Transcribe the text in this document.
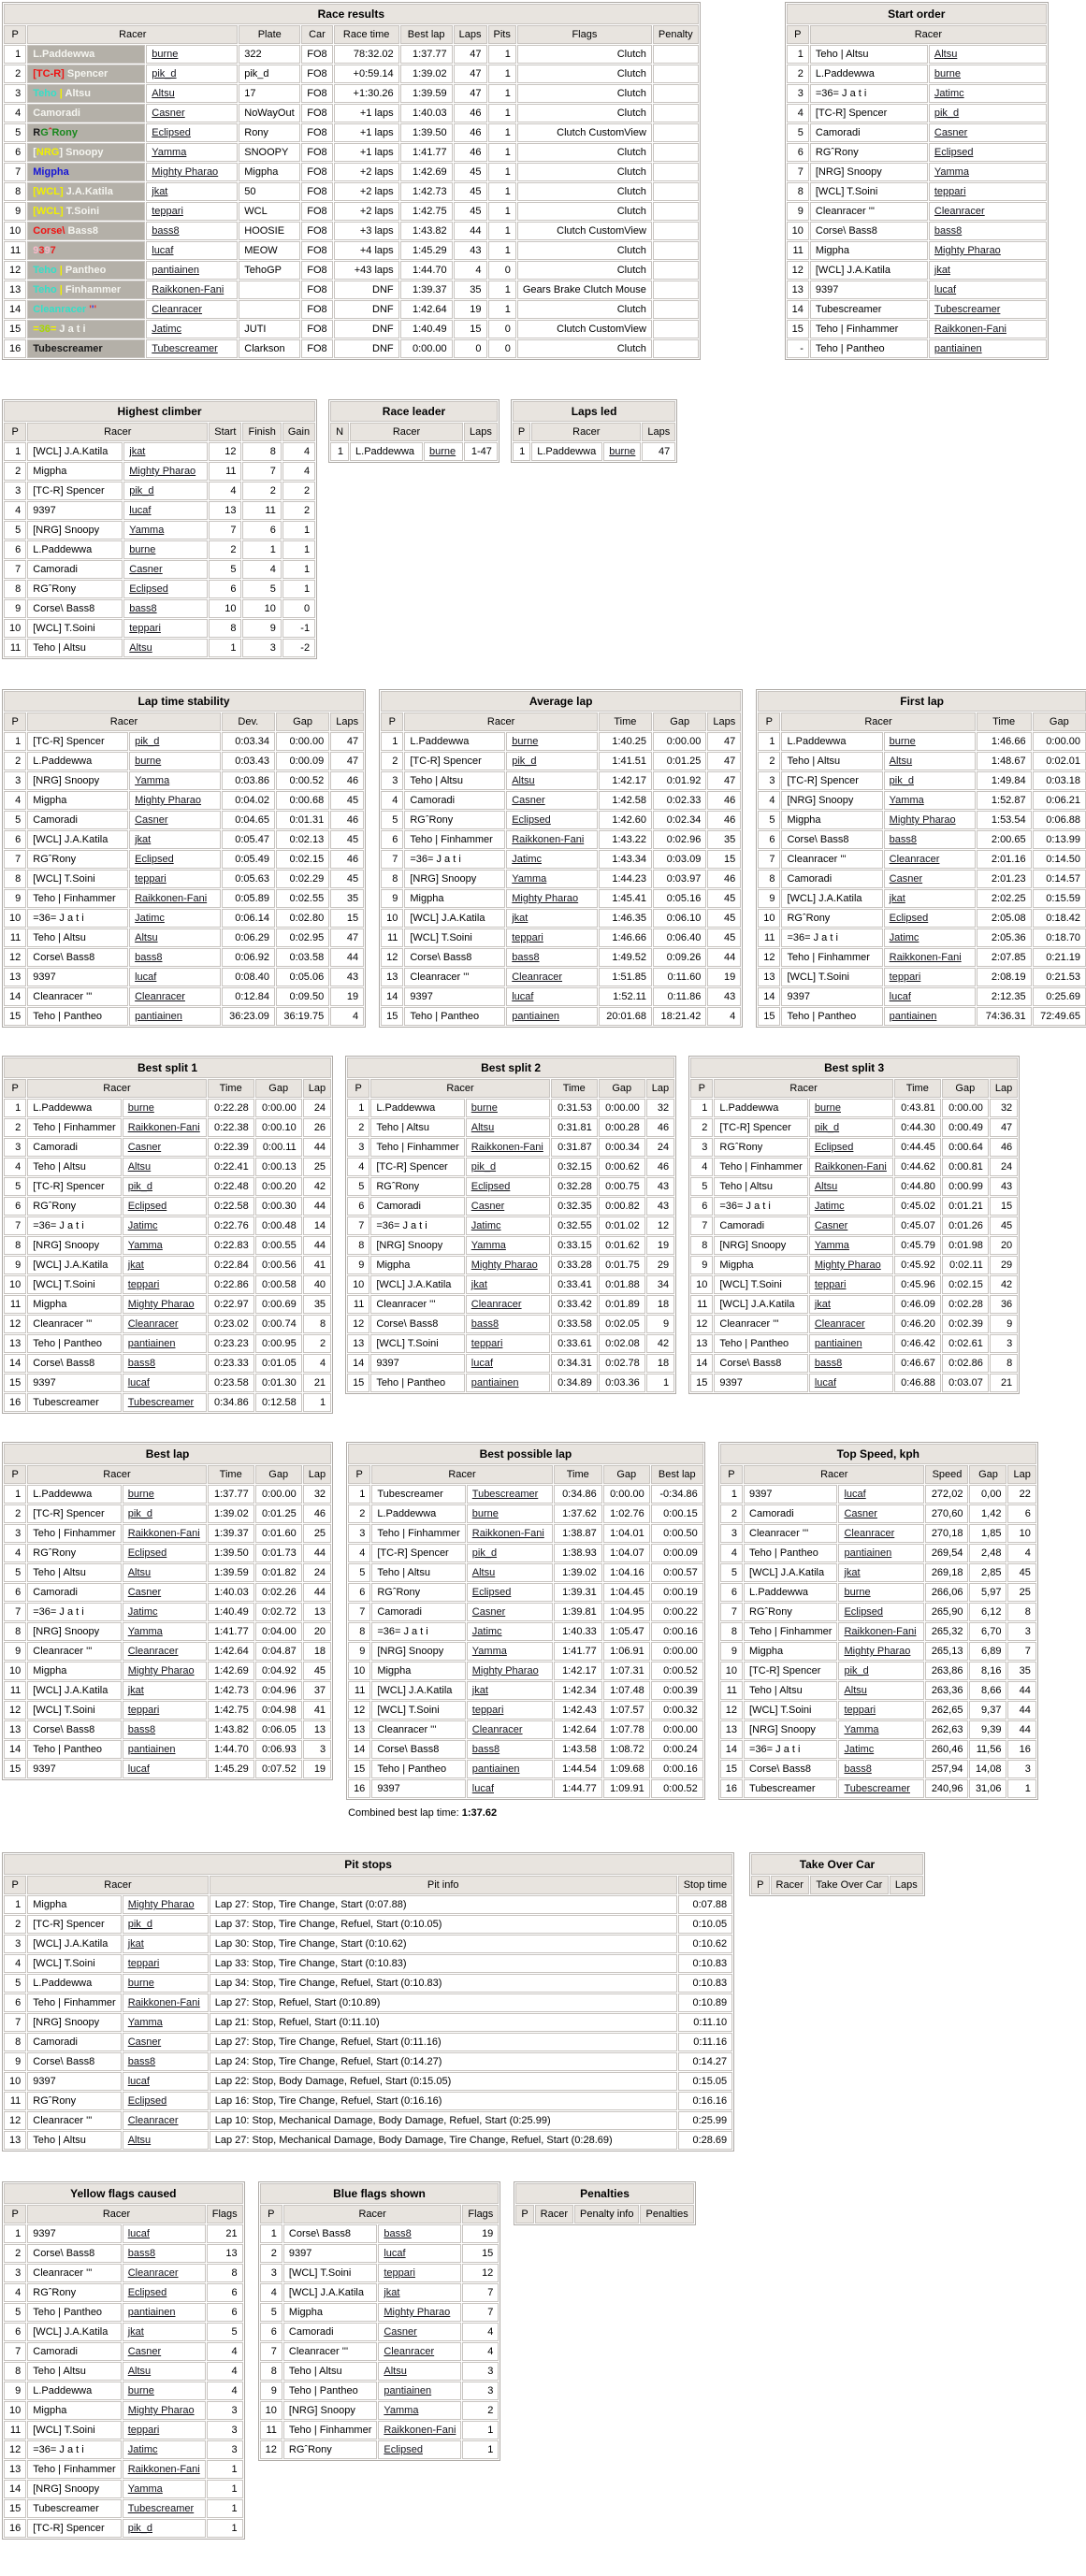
Race results										
P	Racer		Plate	Car	Race time	Best lap	Laps	Pits	Flags	Penalty
1	L.Paddewwa	burne	322	FO8	78:32.02	1:37.77	47	1	Clutch	
2	[TC-R] Spencer	pik_d	pik_d	FO8	+0:59.14	1:39.02	47	1	Clutch	
3	Teho | Altsu	Altsu	17	FO8	+1:30.26	1:39.59	47	1	Clutch	
4	Camoradi	Casner	NoWayOut	FO8	+1 laps	1:40.03	46	1	Clutch	
5	RGˆRony	Eclipsed	Rony	FO8	+1 laps	1:39.50	46	1	Clutch CustomView	
6	[NRG] Snoopy	Yamma	SNOOPY	FO8	+1 laps	1:41.77	46	1	Clutch	
7	Migpha	Mighty Pharao	Migpha	FO8	+2 laps	1:42.69	45	1	Clutch	
8	[WCL] J.A.Katila	jkat	50	FO8	+2 laps	1:42.73	45	1	Clutch	
9	[WCL] T.Soini	teppari	WCL	FO8	+2 laps	1:42.75	45	1	Clutch	
10	Corse\ Bass8	bass8	HOOSIE	FO8	+3 laps	1:43.82	44	1	Clutch CustomView	
11	9397	lucaf	MEOW	FO8	+4 laps	1:45.29	43	1	Clutch	
12	Teho | Pantheo	pantiainen	TehoGP	FO8	+43 laps	1:44.70	4	0	Clutch	
13	Teho | Finhammer	Raikkonen-Fani		FO8	DNF	1:39.37	35	1	Gears Brake Clutch Mouse	
14	Cleanracer '''	Cleanracer		FO8	DNF	1:42.64	19	1	Clutch	
15	=36= J a t i	Jatimc	JUTI	FO8	DNF	1:40.49	15	0	Clutch CustomView	
16	Tubescreamer	Tubescreamer	Clarkson	FO8	DNF	0:00.00	0	0	Clutch	
Start order		
P	Racer	
1	Teho | Altsu	Altsu
2	L.Paddewwa	burne
3	=36= J a t i	Jatimc
4	[TC-R] Spencer	pik_d
5	Camoradi	Casner
6	RGˆRony	Eclipsed
7	[NRG] Snoopy	Yamma
8	[WCL] T.Soini	teppari
9	Cleanracer '''	Cleanracer
10	Corse\ Bass8	bass8
11	Migpha	Mighty Pharao
12	[WCL] J.A.Katila	jkat
13	9397	lucaf
14	Tubescreamer	Tubescreamer
15	Teho | Finhammer	Raikkonen-Fani
-	Teho | Pantheo	pantiainen
Highest climber					
P	Racer		Start	Finish	Gain
1	[WCL] J.A.Katila	jkat	12	8	4
2	Migpha	Mighty Pharao	11	7	4
3	[TC-R] Spencer	pik_d	4	2	2
4	9397	lucaf	13	11	2
5	[NRG] Snoopy	Yamma	7	6	1
6	L.Paddewwa	burne	2	1	1
7	Camoradi	Casner	5	4	1
8	RGˆRony	Eclipsed	6	5	1
9	Corse\ Bass8	bass8	10	10	0
10	[WCL] T.Soini	teppari	8	9	-1
11	Teho | Altsu	Altsu	1	3	-2
Race leader			
N	Racer		Laps
1	L.Paddewwa	burne	1-47
Laps led			
P	Racer		Laps
1	L.Paddewwa	burne	47
Lap time stability					
P	Racer		Dev.	Gap	Laps
1	[TC-R] Spencer	pik_d	0:03.34	0:00.00	47
2	L.Paddewwa	burne	0:03.43	0:00.09	47
3	[NRG] Snoopy	Yamma	0:03.86	0:00.52	46
4	Migpha	Mighty Pharao	0:04.02	0:00.68	45
5	Camoradi	Casner	0:04.65	0:01.31	46
6	[WCL] J.A.Katila	jkat	0:05.47	0:02.13	45
7	RGˆRony	Eclipsed	0:05.49	0:02.15	46
8	[WCL] T.Soini	teppari	0:05.63	0:02.29	45
9	Teho | Finhammer	Raikkonen-Fani	0:05.89	0:02.55	35
10	=36= J a t i	Jatimc	0:06.14	0:02.80	15
11	Teho | Altsu	Altsu	0:06.29	0:02.95	47
12	Corse\ Bass8	bass8	0:06.92	0:03.58	44
13	9397	lucaf	0:08.40	0:05.06	43
14	Cleanracer '''	Cleanracer	0:12.84	0:09.50	19
15	Teho | Pantheo	pantiainen	36:23.09	36:19.75	4
Average lap					
P	Racer		Time	Gap	Laps
1	L.Paddewwa	burne	1:40.25	0:00.00	47
2	[TC-R] Spencer	pik_d	1:41.51	0:01.25	47
3	Teho | Altsu	Altsu	1:42.17	0:01.92	47
4	Camoradi	Casner	1:42.58	0:02.33	46
5	RGˆRony	Eclipsed	1:42.60	0:02.34	46
6	Teho | Finhammer	Raikkonen-Fani	1:43.22	0:02.96	35
7	=36= J a t i	Jatimc	1:43.34	0:03.09	15
8	[NRG] Snoopy	Yamma	1:44.23	0:03.97	46
9	Migpha	Mighty Pharao	1:45.41	0:05.16	45
10	[WCL] J.A.Katila	jkat	1:46.35	0:06.10	45
11	[WCL] T.Soini	teppari	1:46.66	0:06.40	45
12	Corse\ Bass8	bass8	1:49.52	0:09.26	44
13	Cleanracer '''	Cleanracer	1:51.85	0:11.60	19
14	9397	lucaf	1:52.11	0:11.86	43
15	Teho | Pantheo	pantiainen	20:01.68	18:21.42	4
First lap				
P	Racer		Time	Gap
1	L.Paddewwa	burne	1:46.66	0:00.00
2	Teho | Altsu	Altsu	1:48.67	0:02.01
3	[TC-R] Spencer	pik_d	1:49.84	0:03.18
4	[NRG] Snoopy	Yamma	1:52.87	0:06.21
5	Migpha	Mighty Pharao	1:53.54	0:06.88
6	Corse\ Bass8	bass8	2:00.65	0:13.99
7	Cleanracer '''	Cleanracer	2:01.16	0:14.50
8	Camoradi	Casner	2:01.23	0:14.57
9	[WCL] J.A.Katila	jkat	2:02.25	0:15.59
10	RGˆRony	Eclipsed	2:05.08	0:18.42
11	=36= J a t i	Jatimc	2:05.36	0:18.70
12	Teho | Finhammer	Raikkonen-Fani	2:07.85	0:21.19
13	[WCL] T.Soini	teppari	2:08.19	0:21.53
14	9397	lucaf	2:12.35	0:25.69
15	Teho | Pantheo	pantiainen	74:36.31	72:49.65
Best split 1					
P	Racer		Time	Gap	Lap
1	L.Paddewwa	burne	0:22.28	0:00.00	24
2	Teho | Finhammer	Raikkonen-Fani	0:22.38	0:00.10	26
3	Camoradi	Casner	0:22.39	0:00.11	44
4	Teho | Altsu	Altsu	0:22.41	0:00.13	25
5	[TC-R] Spencer	pik_d	0:22.48	0:00.20	42
6	RGˆRony	Eclipsed	0:22.58	0:00.30	44
7	=36= J a t i	Jatimc	0:22.76	0:00.48	14
8	[NRG] Snoopy	Yamma	0:22.83	0:00.55	44
9	[WCL] J.A.Katila	jkat	0:22.84	0:00.56	41
10	[WCL] T.Soini	teppari	0:22.86	0:00.58	40
11	Migpha	Mighty Pharao	0:22.97	0:00.69	35
12	Cleanracer '''	Cleanracer	0:23.02	0:00.74	8
13	Teho | Pantheo	pantiainen	0:23.23	0:00.95	2
14	Corse\ Bass8	bass8	0:23.33	0:01.05	4
15	9397	lucaf	0:23.58	0:01.30	21
16	Tubescreamer	Tubescreamer	0:34.86	0:12.58	1
Best split 2					
P	Racer		Time	Gap	Lap
1	L.Paddewwa	burne	0:31.53	0:00.00	32
2	Teho | Altsu	Altsu	0:31.81	0:00.28	46
3	Teho | Finhammer	Raikkonen-Fani	0:31.87	0:00.34	24
4	[TC-R] Spencer	pik_d	0:32.15	0:00.62	46
5	RGˆRony	Eclipsed	0:32.28	0:00.75	43
6	Camoradi	Casner	0:32.35	0:00.82	43
7	=36= J a t i	Jatimc	0:32.55	0:01.02	12
8	[NRG] Snoopy	Yamma	0:33.15	0:01.62	19
9	Migpha	Mighty Pharao	0:33.28	0:01.75	29
10	[WCL] J.A.Katila	jkat	0:33.41	0:01.88	34
11	Cleanracer '''	Cleanracer	0:33.42	0:01.89	18
12	Corse\ Bass8	bass8	0:33.58	0:02.05	9
13	[WCL] T.Soini	teppari	0:33.61	0:02.08	42
14	9397	lucaf	0:34.31	0:02.78	18
15	Teho | Pantheo	pantiainen	0:34.89	0:03.36	1
Best split 3					
P	Racer		Time	Gap	Lap
1	L.Paddewwa	burne	0:43.81	0:00.00	32
2	[TC-R] Spencer	pik_d	0:44.30	0:00.49	47
3	RGˆRony	Eclipsed	0:44.45	0:00.64	46
4	Teho | Finhammer	Raikkonen-Fani	0:44.62	0:00.81	24
5	Teho | Altsu	Altsu	0:44.80	0:00.99	43
6	=36= J a t i	Jatimc	0:45.02	0:01.21	15
7	Camoradi	Casner	0:45.07	0:01.26	45
8	[NRG] Snoopy	Yamma	0:45.79	0:01.98	20
9	Migpha	Mighty Pharao	0:45.92	0:02.11	29
10	[WCL] T.Soini	teppari	0:45.96	0:02.15	42
11	[WCL] J.A.Katila	jkat	0:46.09	0:02.28	36
12	Cleanracer '''	Cleanracer	0:46.20	0:02.39	9
13	Teho | Pantheo	pantiainen	0:46.42	0:02.61	3
14	Corse\ Bass8	bass8	0:46.67	0:02.86	8
15	9397	lucaf	0:46.88	0:03.07	21
Best lap					
P	Racer		Time	Gap	Lap
1	L.Paddewwa	burne	1:37.77	0:00.00	32
2	[TC-R] Spencer	pik_d	1:39.02	0:01.25	46
3	Teho | Finhammer	Raikkonen-Fani	1:39.37	0:01.60	25
4	RGˆRony	Eclipsed	1:39.50	0:01.73	44
5	Teho | Altsu	Altsu	1:39.59	0:01.82	24
6	Camoradi	Casner	1:40.03	0:02.26	44
7	=36= J a t i	Jatimc	1:40.49	0:02.72	13
8	[NRG] Snoopy	Yamma	1:41.77	0:04.00	20
9	Cleanracer '''	Cleanracer	1:42.64	0:04.87	18
10	Migpha	Mighty Pharao	1:42.69	0:04.92	45
11	[WCL] J.A.Katila	jkat	1:42.73	0:04.96	37
12	[WCL] T.Soini	teppari	1:42.75	0:04.98	41
13	Corse\ Bass8	bass8	1:43.82	0:06.05	13
14	Teho | Pantheo	pantiainen	1:44.70	0:06.93	3
15	9397	lucaf	1:45.29	0:07.52	19
Best possible lap					
P	Racer		Time	Gap	Best lap
1	Tubescreamer	Tubescreamer	0:34.86	0:00.00	-0:34.86
2	L.Paddewwa	burne	1:37.62	1:02.76	0:00.15
3	Teho | Finhammer	Raikkonen-Fani	1:38.87	1:04.01	0:00.50
4	[TC-R] Spencer	pik_d	1:38.93	1:04.07	0:00.09
5	Teho | Altsu	Altsu	1:39.02	1:04.16	0:00.57
6	RGˆRony	Eclipsed	1:39.31	1:04.45	0:00.19
7	Camoradi	Casner	1:39.81	1:04.95	0:00.22
8	=36= J a t i	Jatimc	1:40.33	1:05.47	0:00.16
9	[NRG] Snoopy	Yamma	1:41.77	1:06.91	0:00.00
10	Migpha	Mighty Pharao	1:42.17	1:07.31	0:00.52
11	[WCL] J.A.Katila	jkat	1:42.34	1:07.48	0:00.39
12	[WCL] T.Soini	teppari	1:42.43	1:07.57	0:00.32
13	Cleanracer '''	Cleanracer	1:42.64	1:07.78	0:00.00
14	Corse\ Bass8	bass8	1:43.58	1:08.72	0:00.24
15	Teho | Pantheo	pantiainen	1:44.54	1:09.68	0:00.16
16	9397	lucaf	1:44.77	1:09.91	0:00.52
Combined best lap time: 1:37.62
Top Speed, kph					
P	Racer		Speed	Gap	Lap
1	9397	lucaf	272,02	0,00	22
2	Camoradi	Casner	270,60	1,42	6
3	Cleanracer '''	Cleanracer	270,18	1,85	10
4	Teho | Pantheo	pantiainen	269,54	2,48	4
5	[WCL] J.A.Katila	jkat	269,18	2,85	45
6	L.Paddewwa	burne	266,06	5,97	25
7	RGˆRony	Eclipsed	265,90	6,12	8
8	Teho | Finhammer	Raikkonen-Fani	265,32	6,70	3
9	Migpha	Mighty Pharao	265,13	6,89	7
10	[TC-R] Spencer	pik_d	263,86	8,16	35
11	Teho | Altsu	Altsu	263,36	8,66	44
12	[WCL] T.Soini	teppari	262,65	9,37	44
13	[NRG] Snoopy	Yamma	262,63	9,39	44
14	=36= J a t i	Jatimc	260,46	11,56	16
15	Corse\ Bass8	bass8	257,94	14,08	3
16	Tubescreamer	Tubescreamer	240,96	31,06	1
Pit stops				
P	Racer		Pit info	Stop time
1	Migpha	Mighty Pharao	Lap 27: Stop, Tire Change, Start (0:07.88)	0:07.88
2	[TC-R] Spencer	pik_d	Lap 37: Stop, Tire Change, Refuel, Start (0:10.05)	0:10.05
3	[WCL] J.A.Katila	jkat	Lap 30: Stop, Tire Change, Start (0:10.62)	0:10.62
4	[WCL] T.Soini	teppari	Lap 33: Stop, Tire Change, Start (0:10.83)	0:10.83
5	L.Paddewwa	burne	Lap 34: Stop, Tire Change, Refuel, Start (0:10.83)	0:10.83
6	Teho | Finhammer	Raikkonen-Fani	Lap 27: Stop, Refuel, Start (0:10.89)	0:10.89
7	[NRG] Snoopy	Yamma	Lap 21: Stop, Refuel, Start (0:11.10)	0:11.10
8	Camoradi	Casner	Lap 27: Stop, Tire Change, Refuel, Start (0:11.16)	0:11.16
9	Corse\ Bass8	bass8	Lap 24: Stop, Tire Change, Refuel, Start (0:14.27)	0:14.27
10	9397	lucaf	Lap 22: Stop, Body Damage, Refuel, Start (0:15.05)	0:15.05
11	RGˆRony	Eclipsed	Lap 16: Stop, Tire Change, Refuel, Start (0:16.16)	0:16.16
12	Cleanracer '''	Cleanracer	Lap 10: Stop, Mechanical Damage, Body Damage, Refuel, Start (0:25.99)	0:25.99
13	Teho | Altsu	Altsu	Lap 27: Stop, Mechanical Damage, Body Damage, Tire Change, Refuel, Start (0:28.69)	0:28.69
Take Over Car
P	Racer	Take Over Car	Laps
Yellow flags caused			
P	Racer		Flags
1	9397	lucaf	21
2	Corse\ Bass8	bass8	13
3	Cleanracer '''	Cleanracer	8
4	RGˆRony	Eclipsed	6
5	Teho | Pantheo	pantiainen	6
6	[WCL] J.A.Katila	jkat	5
7	Camoradi	Casner	4
8	Teho | Altsu	Altsu	4
9	L.Paddewwa	burne	4
10	Migpha	Mighty Pharao	3
11	[WCL] T.Soini	teppari	3
12	=36= J a t i	Jatimc	3
13	Teho | Finhammer	Raikkonen-Fani	1
14	[NRG] Snoopy	Yamma	1
15	Tubescreamer	Tubescreamer	1
16	[TC-R] Spencer	pik_d	1
Blue flags shown			
P	Racer		Flags
1	Corse\ Bass8	bass8	19
2	9397	lucaf	15
3	[WCL] T.Soini	teppari	12
4	[WCL] J.A.Katila	jkat	7
5	Migpha	Mighty Pharao	7
6	Camoradi	Casner	4
7	Cleanracer '''	Cleanracer	4
8	Teho | Altsu	Altsu	3
9	Teho | Pantheo	pantiainen	3
10	[NRG] Snoopy	Yamma	2
11	Teho | Finhammer	Raikkonen-Fani	1
12	RGˆRony	Eclipsed	1
Penalties
P	Racer	Penalty info	Penalties
